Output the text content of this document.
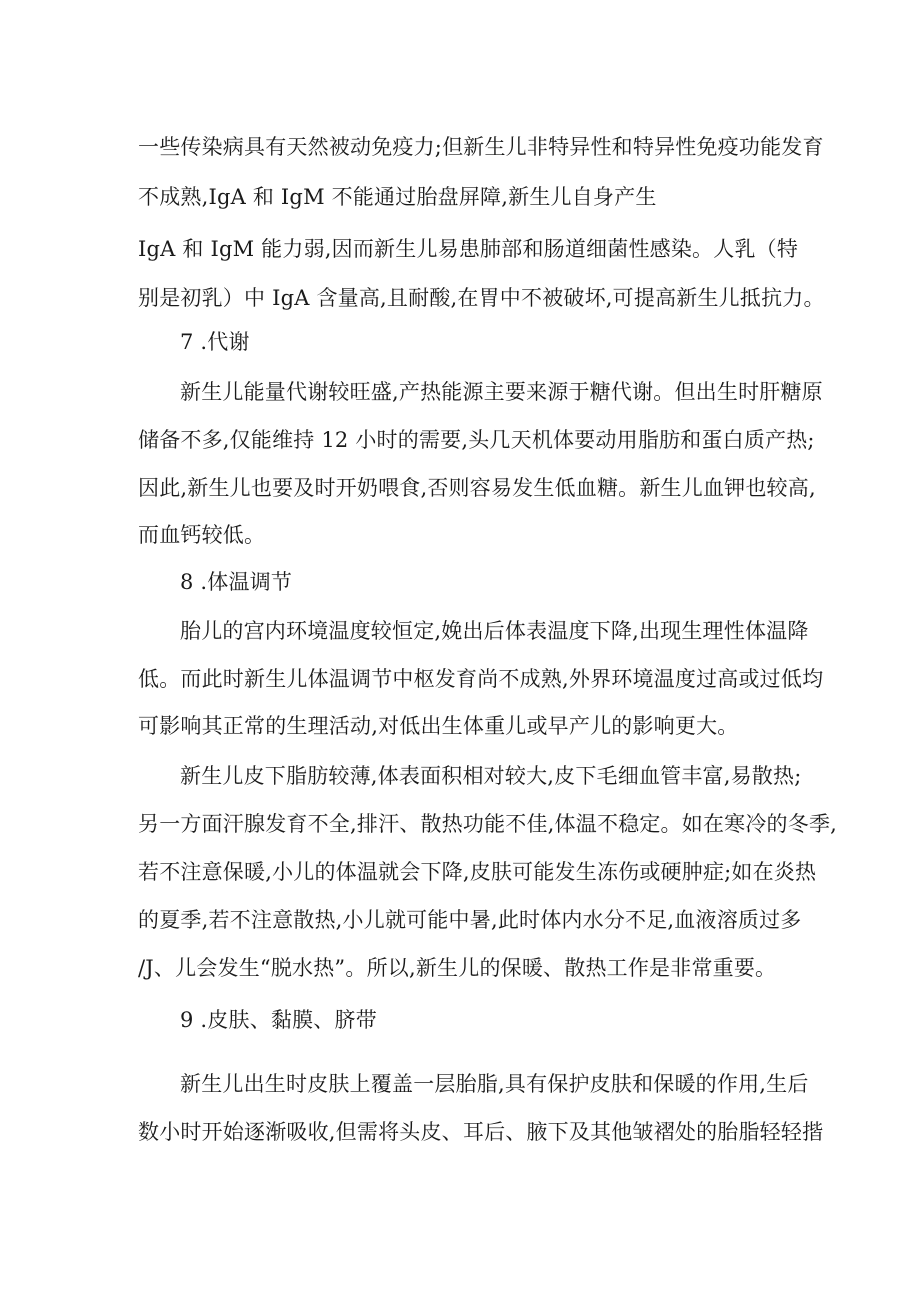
一些传染病具有天然被动免疫力;但新生儿非特异性和特异性免疫功能发育
不成熟,IgA 和 IgM 不能通过胎盘屏障,新生儿自身产生
IgA 和 IgM 能力弱,因而新生儿易患肺部和肠道细菌性感染。人乳（特
别是初乳）中 IgA 含量高,且耐酸,在胃中不被破坏,可提高新生儿抵抗力。
7 .代谢
新生儿能量代谢较旺盛,产热能源主要来源于糖代谢。但出生时肝糖原
储备不多,仅能维持 12 小时的需要,头几天机体要动用脂肪和蛋白质产热;
因此,新生儿也要及时开奶喂食,否则容易发生低血糖。新生儿血钾也较高,
而血钙较低。
8 .体温调节
胎儿的宫内环境温度较恒定,娩出后体表温度下降,出现生理性体温降
低。而此时新生儿体温调节中枢发育尚不成熟,外界环境温度过高或过低均
可影响其正常的生理活动,对低出生体重儿或早产儿的影响更大。
新生儿皮下脂肪较薄,体表面积相对较大,皮下毛细血管丰富,易散热;
另一方面汗腺发育不全,排汗、散热功能不佳,体温不稳定。如在寒冷的冬季,
若不注意保暖,小儿的体温就会下降,皮肤可能发生冻伤或硬肿症;如在炎热
的夏季,若不注意散热,小儿就可能中暑,此时体内水分不足,血液溶质过多
/J、儿会发生“脱水热”。所以,新生儿的保暖、散热工作是非常重要。
9 .皮肤、黏膜、脐带
新生儿出生时皮肤上覆盖一层胎脂,具有保护皮肤和保暖的作用,生后
数小时开始逐渐吸收,但需将头皮、耳后、腋下及其他皱褶处的胎脂轻轻揩
